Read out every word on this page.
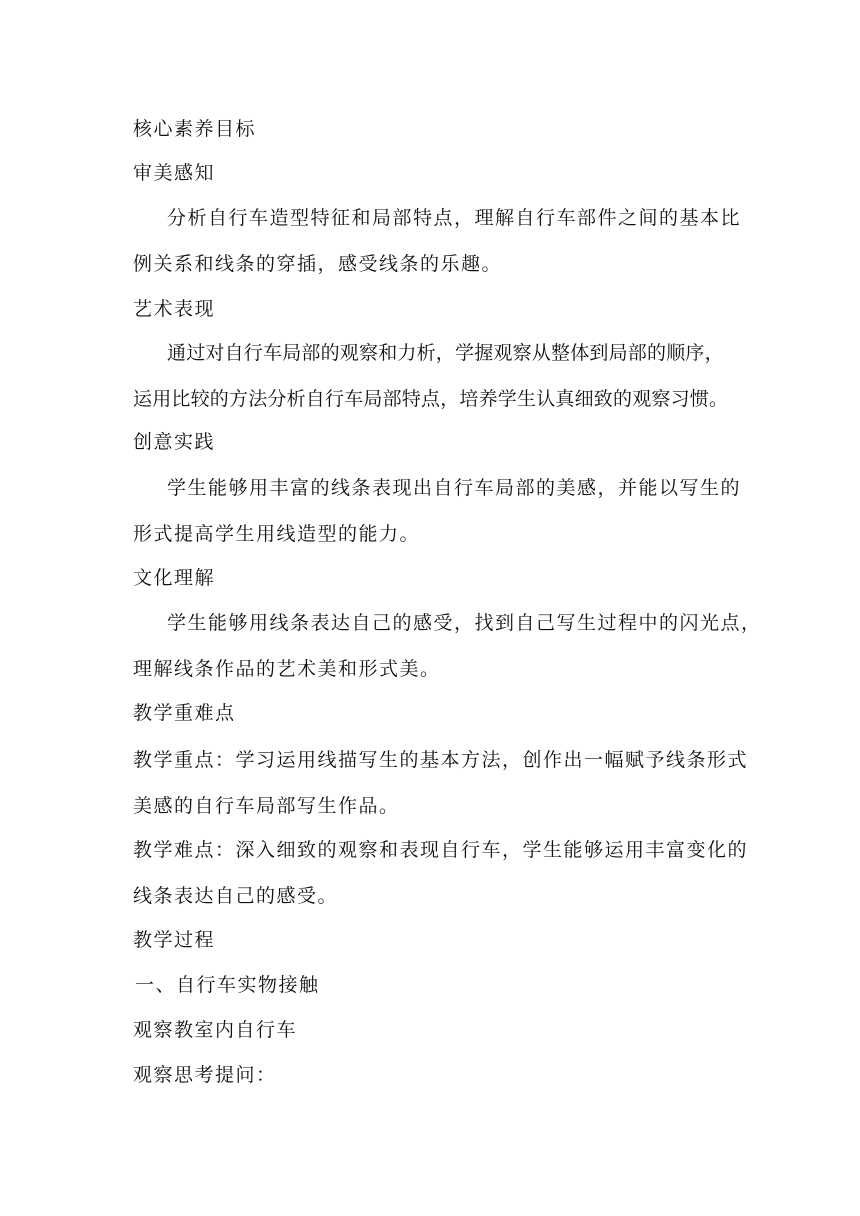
核心素养目标
审美感知
分析自行车造型特征和局部特点，理解自行车部件之间的基本比
例关系和线条的穿插，感受线条的乐趣。
艺术表现
通过对自行车局部的观察和力析，学握观察从整体到局部的顺序，
运用比较的方法分析自行车局部特点，培养学生认真细致的观察习惯。
创意实践
学生能够用丰富的线条表现出自行车局部的美感，并能以写生的
形式提高学生用线造型的能力。
文化理解
学生能够用线条表达自己的感受，找到自己写生过程中的闪光点，
理解线条作品的艺术美和形式美。
教学重难点
教学重点：学习运用线描写生的基本方法，创作出一幅赋予线条形式
美感的自行车局部写生作品。
教学难点：深入细致的观察和表现自行车，学生能够运用丰富变化的
线条表达自己的感受。
教学过程
一、自行车实物接触
观察教室内自行车
观察思考提问：
